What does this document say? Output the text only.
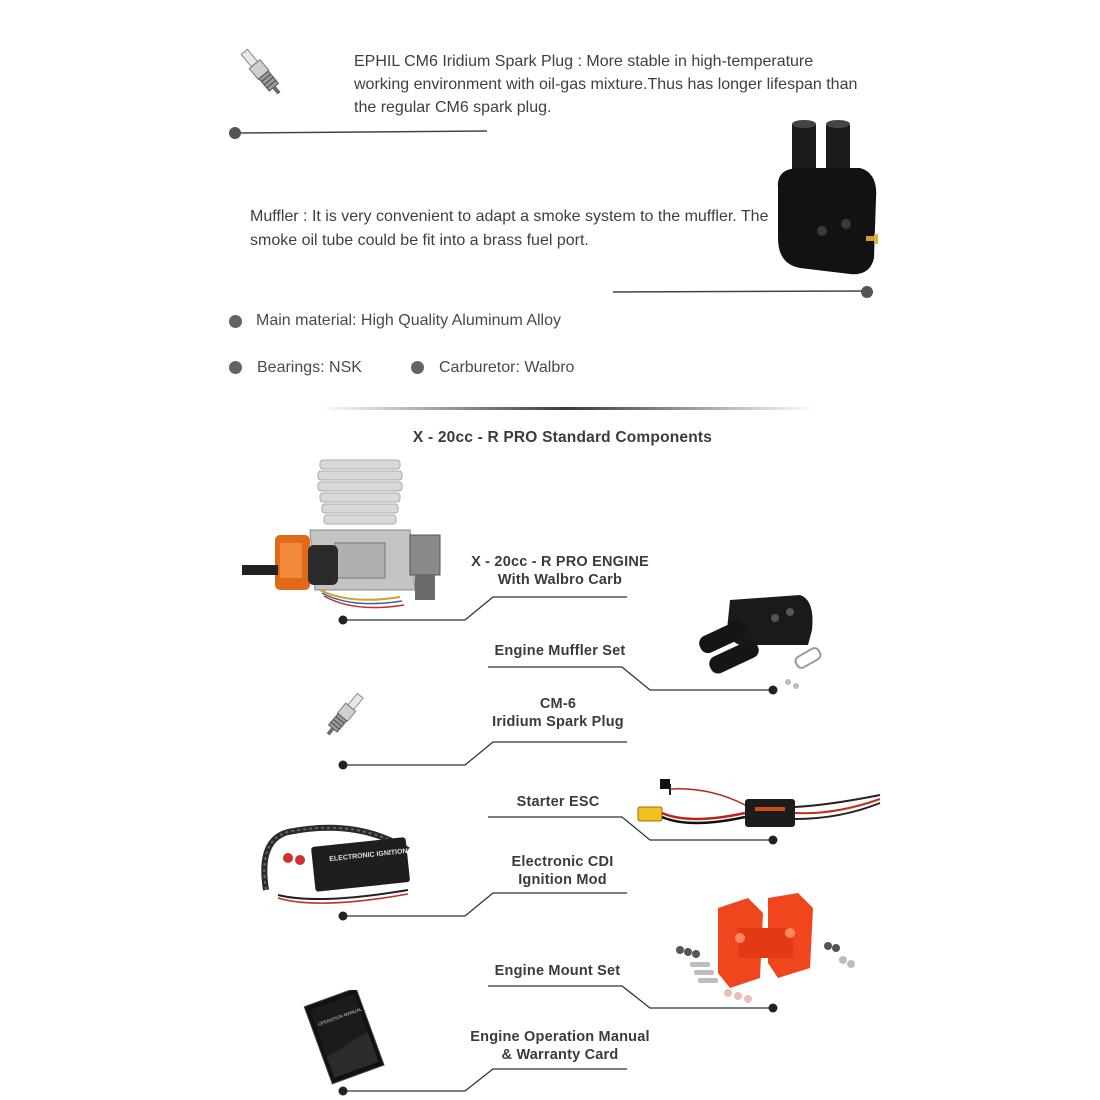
EPHIL CM6 Iridium Spark Plug : More stable in high-temperature working environment with oil-gas mixture.Thus has longer lifespan than the regular CM6 spark plug.
Muffler : It is very convenient to adapt a smoke system to the muffler. The smoke oil tube could be fit into a brass fuel port.
Main material: High Quality Aluminum Alloy
Bearings: NSK	Carburetor: Walbro
X - 20cc - R PRO Standard Components
X - 20cc - R PRO ENGINE
With Walbro Carb
Engine Muffler Set
CM-6
Iridium Spark Plug
Starter ESC
ELECTRONIC IGNITION	Electronic CDI
Ignition Mod
Engine Mount Set
OPERATION MANUAL
Engine Operation Manual
& Warranty Card
